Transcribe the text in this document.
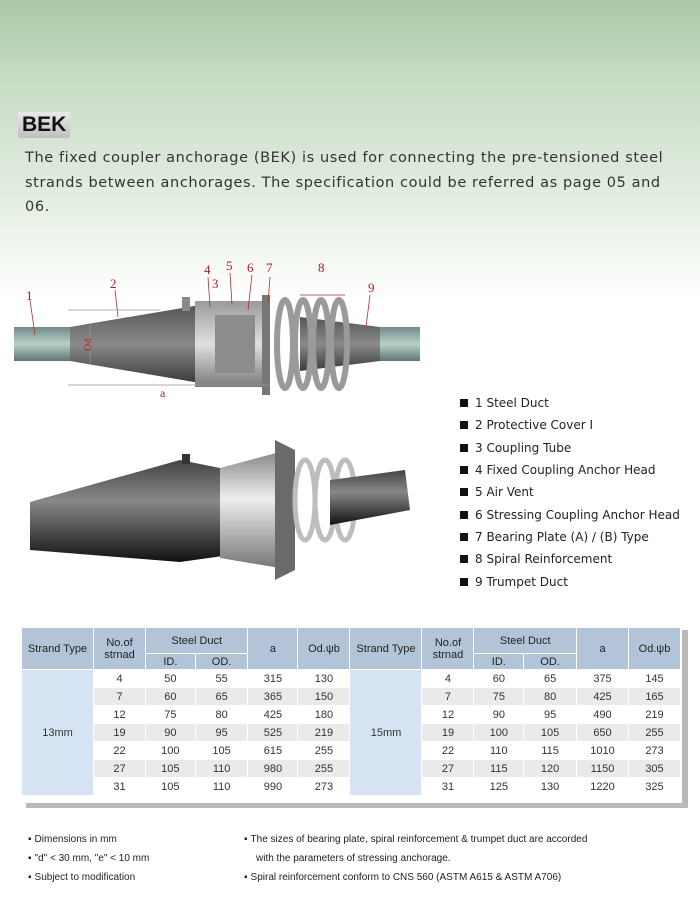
BEK

The fixed coupler anchorage (BEK) is used for connecting the pre-tensioned steel strands between anchorages. The specification could be referred as page 05 and 06.

1
2
4 5 6 7	8
9
3
a
Od
1 Steel Duct
2 Protective Cover Ⅰ
3 Coupling Tube
4 Fixed Coupling Anchor Head
5 Air Vent
6 Stressing Coupling Anchor Head
7 Bearing Plate (A) / (B) Type
8 Spiral Reinforcement
9 Trumpet Duct
Strand Type	No.of strnad	Steel Duct		a	Od.ψb	Strand Type	No.of strnad	Steel Duct		a	Od.ψb
		ID.	OD.					ID.	OD.		
13mm	4	50	55	315	130	15mm	4	60	65	375	145
	7	60	65	365	150		7	75	80	425	165
	12	75	80	425	180		12	90	95	490	219
	19	90	95	525	219		19	100	105	650	255
	22	100	105	615	255		22	110	115	1010	273
	27	105	110	980	255		27	115	120	1150	305
	31	105	110	990	273		31	125	130	1220	325
▪ Dimensions in mm
▪ "d" < 30 mm, "e" < 10 mm
▪ Subject to modification
▪ The sizes of bearing plate, spiral reinforcement & trumpet duct are accorded
with the parameters of stressing anchorage.
▪ Spiral reinforcement conform to CNS 560 (ASTM A615 & ASTM A706)
